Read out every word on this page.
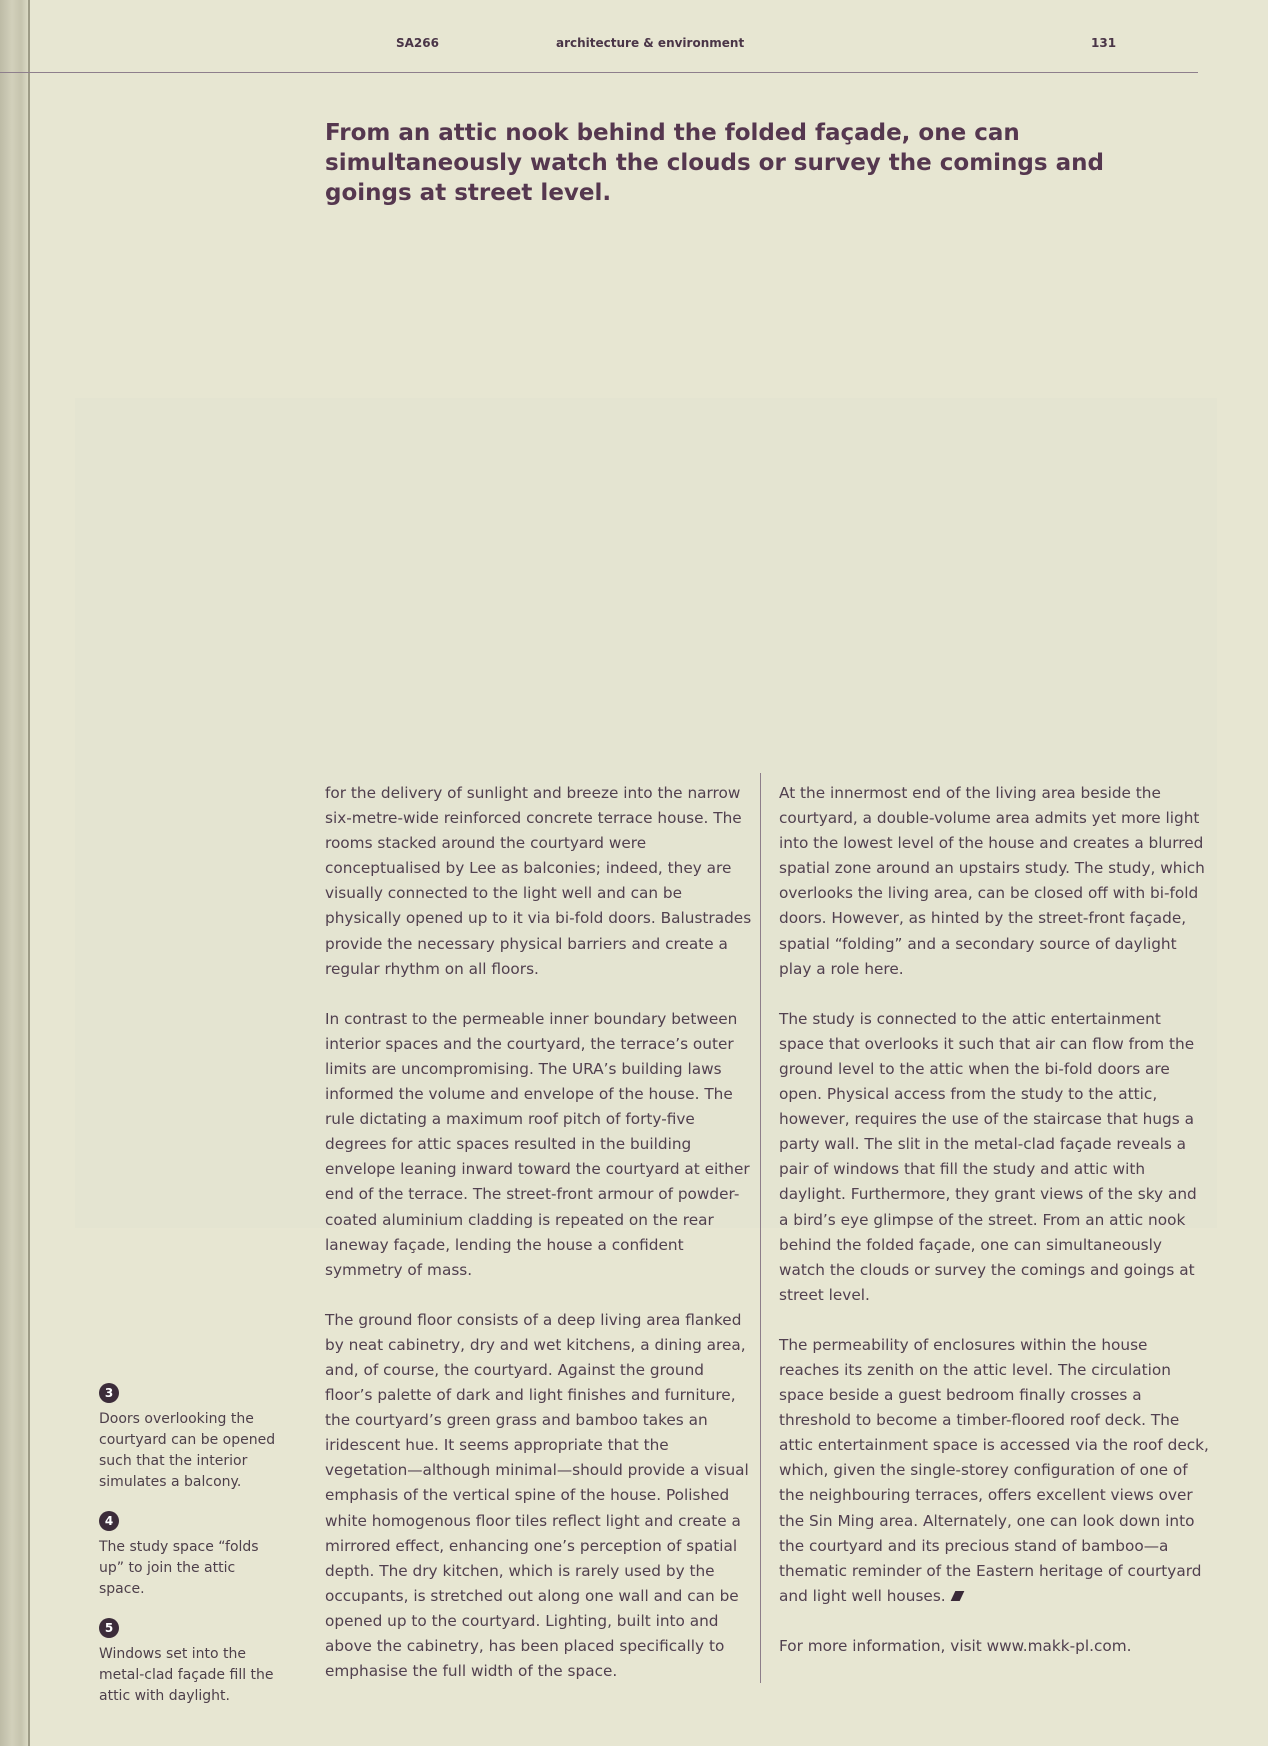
SA266	architecture & environment	131

From an attic nook behind the folded façade, one can simultaneously watch the clouds or survey the comings and goings at street level.

for the delivery of sunlight and breeze into the narrow six-metre-wide reinforced concrete terrace house. The rooms stacked around the courtyard were conceptualised by Lee as balconies; indeed, they are visually connected to the light well and can be physically opened up to it via bi-fold doors. Balustrades provide the necessary physical barriers and create a regular rhythm on all floors.

In contrast to the permeable inner boundary between interior spaces and the courtyard, the terrace’s outer limits are uncompromising. The URA’s building laws informed the volume and envelope of the house. The rule dictating a maximum roof pitch of forty-five degrees for attic spaces resulted in the building envelope leaning inward toward the courtyard at either end of the terrace. The street-front armour of powder-coated aluminium cladding is repeated on the rear laneway façade, lending the house a confident symmetry of mass.

The ground floor consists of a deep living area flanked by neat cabinetry, dry and wet kitchens, a dining area, and, of course, the courtyard. Against the ground floor’s palette of dark and light finishes and furniture, the courtyard’s green grass and bamboo takes an iridescent hue. It seems appropriate that the vegetation—although minimal—should provide a visual emphasis of the vertical spine of the house. Polished white homogenous floor tiles reflect light and create a mirrored effect, enhancing one’s perception of spatial depth. The dry kitchen, which is rarely used by the occupants, is stretched out along one wall and can be opened up to the courtyard. Lighting, built into and above the cabinetry, has been placed specifically to emphasise the full width of the space.

At the innermost end of the living area beside the courtyard, a double-volume area admits yet more light into the lowest level of the house and creates a blurred spatial zone around an upstairs study. The study, which overlooks the living area, can be closed off with bi-fold doors. However, as hinted by the street-front façade, spatial “folding” and a secondary source of daylight play a role here.

The study is connected to the attic entertainment space that overlooks it such that air can flow from the ground level to the attic when the bi-fold doors are open. Physical access from the study to the attic, however, requires the use of the staircase that hugs a party wall. The slit in the metal-clad façade reveals a pair of windows that fill the study and attic with daylight. Furthermore, they grant views of the sky and a bird’s eye glimpse of the street. From an attic nook behind the folded façade, one can simultaneously watch the clouds or survey the comings and goings at street level.

The permeability of enclosures within the house reaches its zenith on the attic level. The circulation space beside a guest bedroom finally crosses a threshold to become a timber-floored roof deck. The attic entertainment space is accessed via the roof deck, which, given the single-storey configuration of one of the neighbouring terraces, offers excellent views over the Sin Ming area. Alternately, one can look down into the courtyard and its precious stand of bamboo—a thematic reminder of the Eastern heritage of courtyard and light well houses.

For more information, visit www.makk-pl.com.

3
Doors overlooking the courtyard can be opened such that the interior simulates a balcony.
4
The study space “folds up” to join the attic space.
5
Windows set into the metal-clad façade fill the attic with daylight.
